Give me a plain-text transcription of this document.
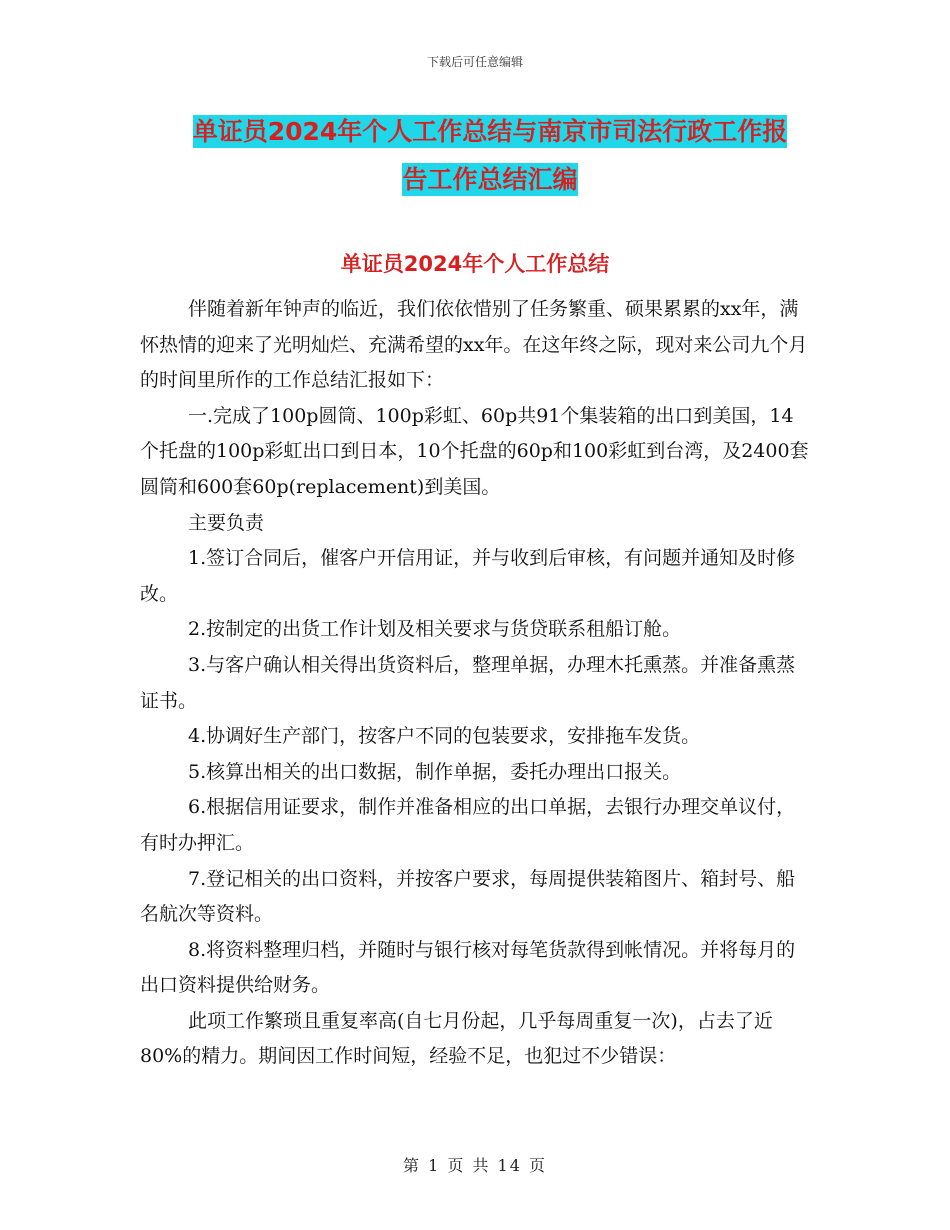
下载后可任意编辑
单证员2024年个人工作总结与南京市司法行政工作报
告工作总结汇编
单证员2024年个人工作总结

伴随着新年钟声的临近，我们依依惜别了任务繁重、硕果累累的xx年，满怀热情的迎来了光明灿烂、充满希望的xx年。在这年终之际，现对来公司九个月的时间里所作的工作总结汇报如下：

一.完成了100p圆筒、100p彩虹、60p共91个集装箱的出口到美国，14个托盘的100p彩虹出口到日本，10个托盘的60p和100彩虹到台湾，及2400套圆筒和600套60p(replacement)到美国。

主要负责

1.签订合同后，催客户开信用证，并与收到后审核，有问题并通知及时修改。

2.按制定的出货工作计划及相关要求与货贷联系租船订舱。

3.与客户确认相关得出货资料后，整理单据，办理木托熏蒸。并准备熏蒸证书。

4.协调好生产部门，按客户不同的包装要求，安排拖车发货。

5.核算出相关的出口数据，制作单据，委托办理出口报关。

6.根据信用证要求，制作并准备相应的出口单据，去银行办理交单议付，有时办押汇。

7.登记相关的出口资料，并按客户要求，每周提供装箱图片、箱封号、船名航次等资料。

8.将资料整理归档，并随时与银行核对每笔货款得到帐情况。并将每月的出口资料提供给财务。

此项工作繁琐且重复率高(自七月份起，几乎每周重复一次)，占去了近80%的精力。期间因工作时间短，经验不足，也犯过不少错误：

第 1 页 共 14 页
